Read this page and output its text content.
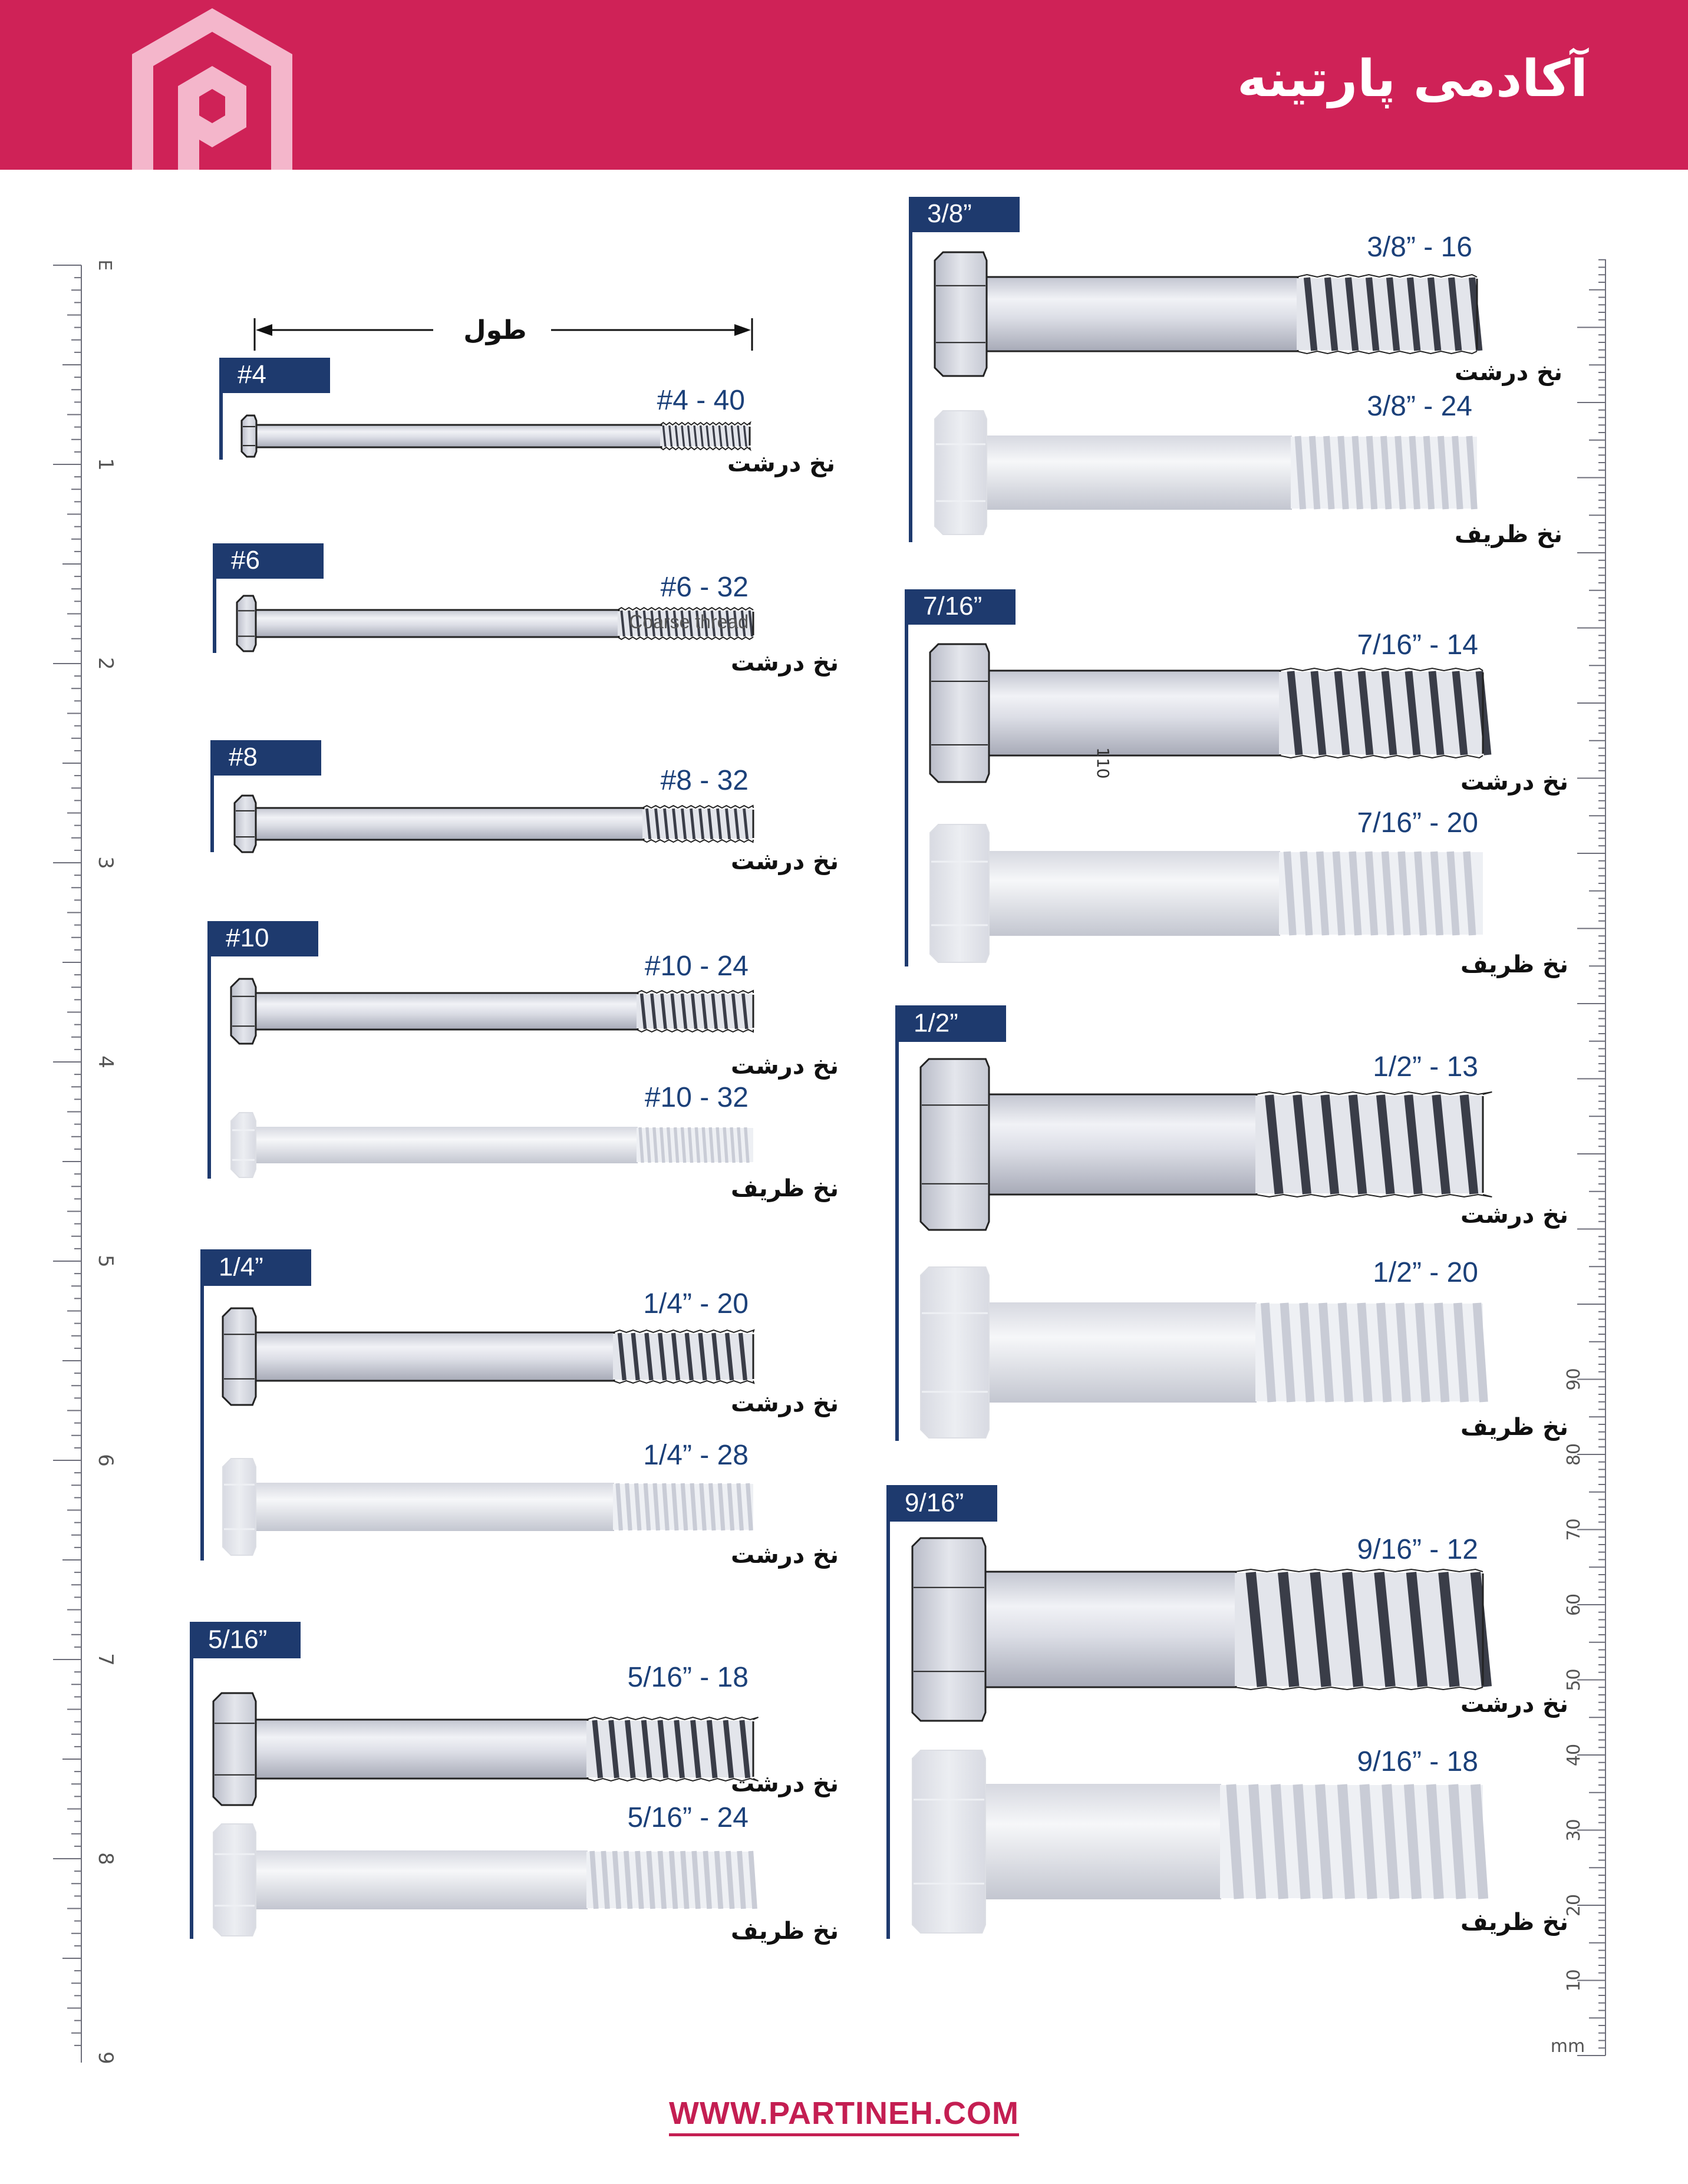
آکادمی پارتینه
1
2
3
4
5
6
7
8
9
E
10
20
30
40
50
60
70
80
90
mm
#4
#4 - 40
نخ درشت
#6
#6 - 32
نخ درشت
Coarse thread
#8
#8 - 32
نخ درشت
#10
#10 - 24
نخ درشت
#10 - 32
نخ ظریف
1/4”
1/4” - 20
نخ درشت
1/4” - 28
نخ درشت
5/16”
5/16” - 18
نخ درشت
5/16” - 24
نخ ظریف
3/8”
3/8” - 16
نخ درشت
3/8” - 24
نخ ظریف
7/16”
7/16” - 14
نخ درشت
110
7/16” - 20
نخ ظریف
1/2”
1/2” - 13
نخ درشت
1/2” - 20
نخ ظریف
9/16”
9/16” - 12
نخ درشت
9/16” - 18
نخ ظریف
طول
WWW.PARTINEH.COM
